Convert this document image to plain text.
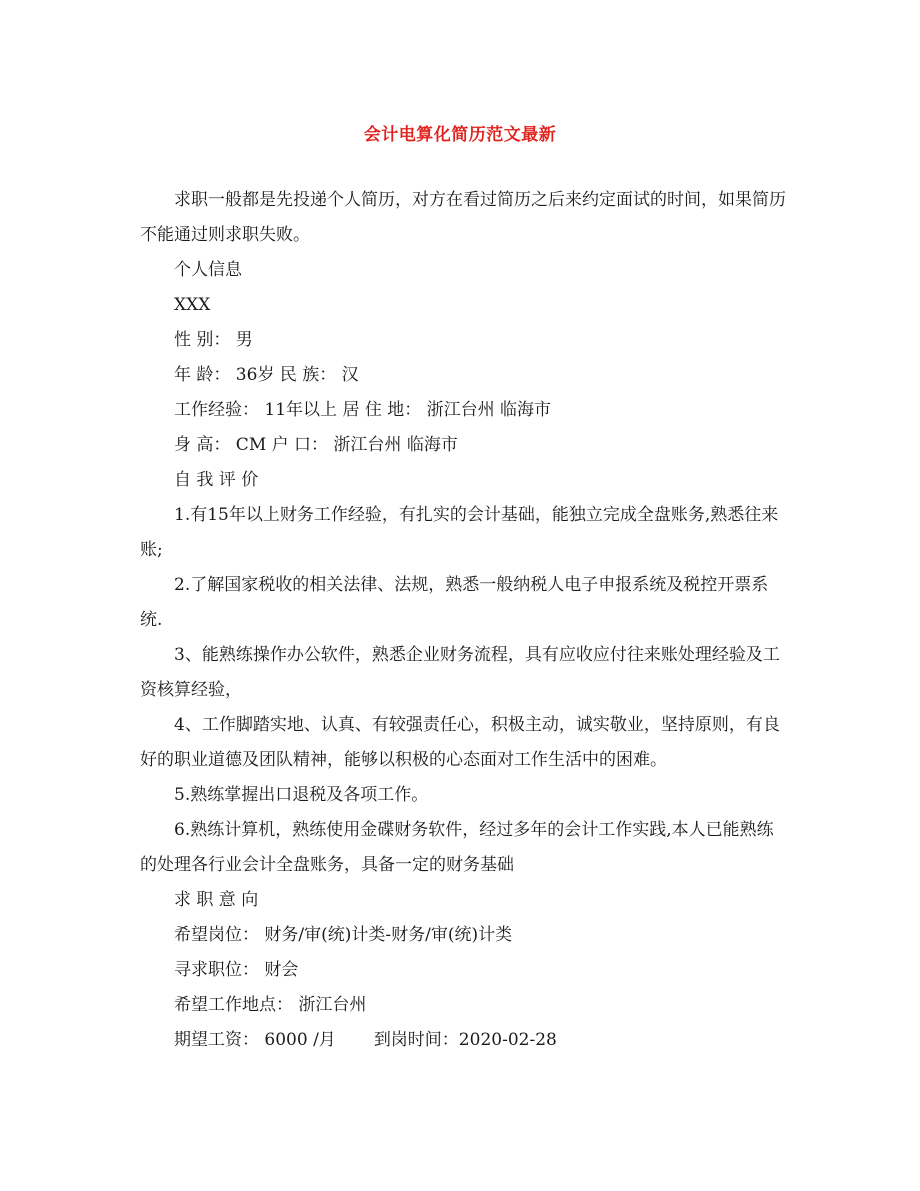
会计电算化简历范文最新

求职一般都是先投递个人简历，对方在看过简历之后来约定面试的时间，如果简历不能通过则求职失败。

个人信息

XXX

性 别： 男

年 龄： 36岁 民 族： 汉

工作经验： 11年以上 居 住 地： 浙江台州 临海市

身 高： CM 户 口： 浙江台州 临海市

自 我 评 价

1.有15年以上财务工作经验，有扎实的会计基础，能独立完成全盘账务,熟悉往来账;

2.了解国家税收的相关法律、法规，熟悉一般纳税人电子申报系统及税控开票系统.

3、能熟练操作办公软件，熟悉企业财务流程，具有应收应付往来账处理经验及工资核算经验，

4、工作脚踏实地、认真、有较强责任心，积极主动，诚实敬业，坚持原则，有良好的职业道德及团队精神，能够以积极的心态面对工作生活中的困难。

5.熟练掌握出口退税及各项工作。

6.熟练计算机，熟练使用金碟财务软件，经过多年的会计工作实践,本人已能熟练的处理各行业会计全盘账务，具备一定的财务基础

求 职 意 向

希望岗位： 财务/审(统)计类-财务/审(统)计类

寻求职位： 财会

希望工作地点： 浙江台州

期望工资： 6000 /月 到岗时间：2020-02-28
